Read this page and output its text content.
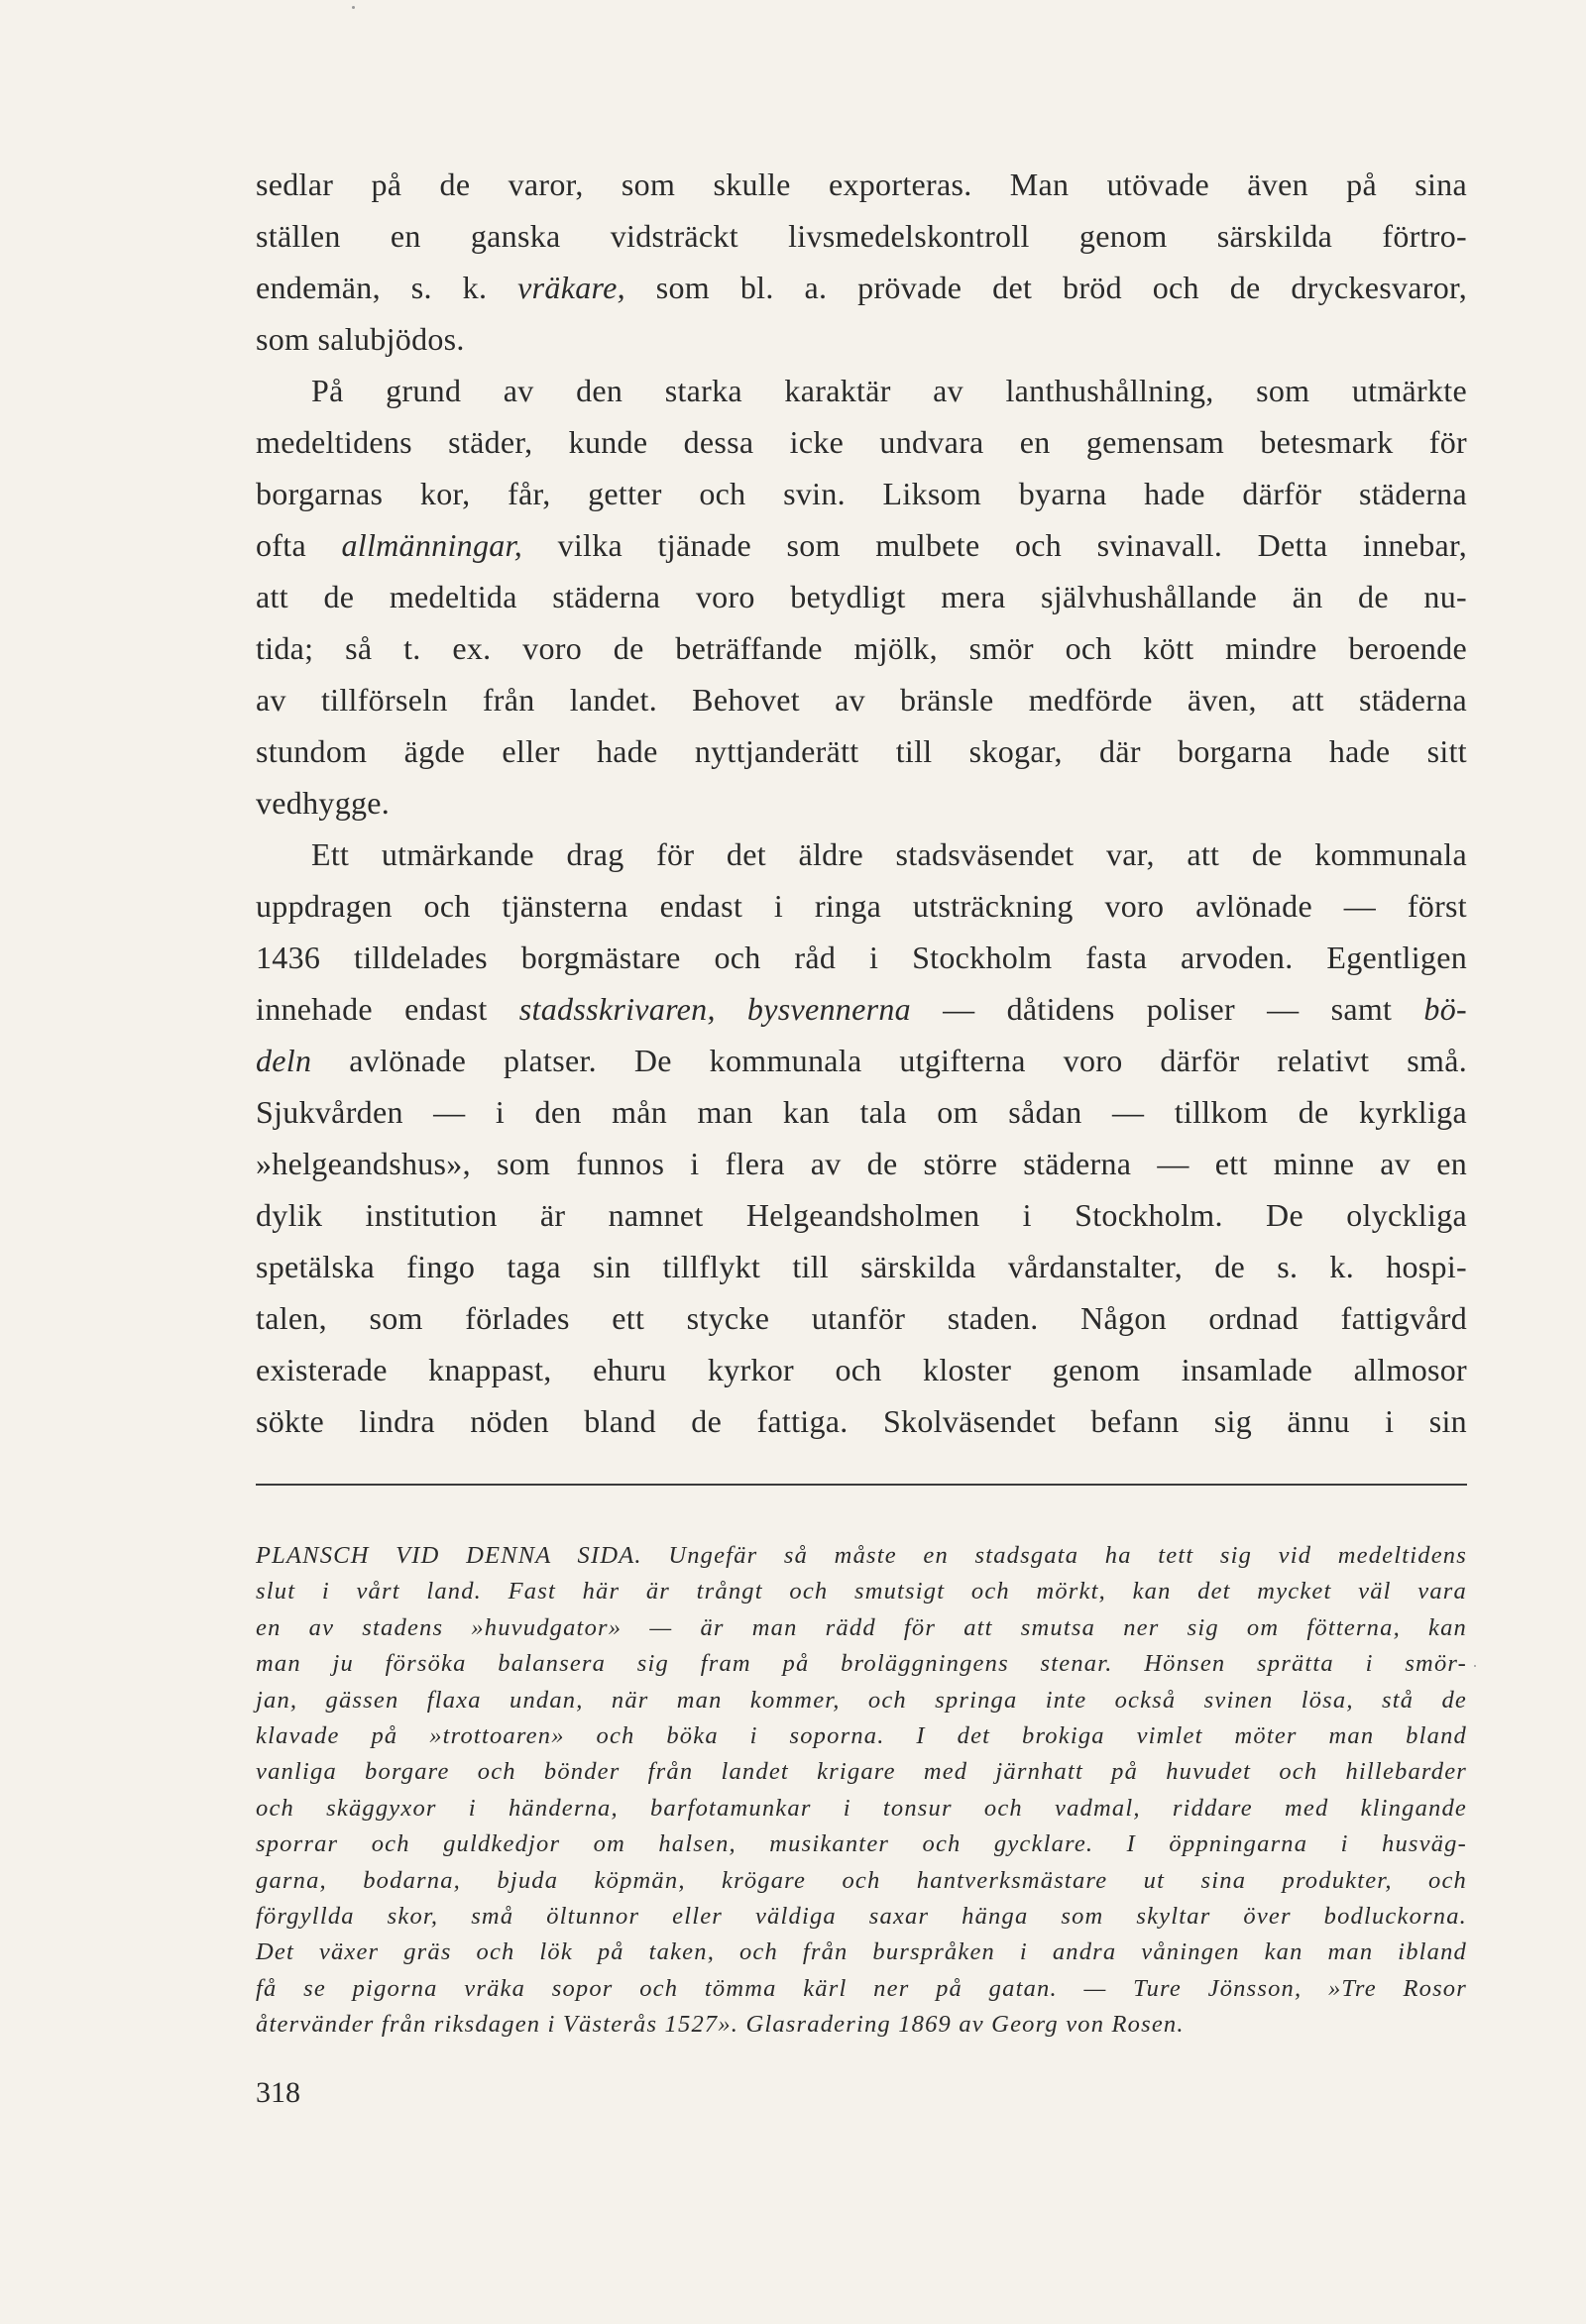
sedlar på de varor, som skulle exporteras. Man utövade även på sina
ställen en ganska vidsträckt livsmedelskontroll genom särskilda förtro-
endemän, s. k. vräkare, som bl. a. prövade det bröd och de dryckesvaror,
som salubjödos.
På grund av den starka karaktär av lanthushållning, som utmärkte
medeltidens städer, kunde dessa icke undvara en gemensam betesmark för
borgarnas kor, får, getter och svin. Liksom byarna hade därför städerna
ofta allmänningar, vilka tjänade som mulbete och svinavall. Detta innebar,
att de medeltida städerna voro betydligt mera självhushållande än de nu-
tida; så t. ex. voro de beträffande mjölk, smör och kött mindre beroende
av tillförseln från landet. Behovet av bränsle medförde även, att städerna
stundom ägde eller hade nyttjanderätt till skogar, där borgarna hade sitt
vedhygge.
Ett utmärkande drag för det äldre stadsväsendet var, att de kommunala
uppdragen och tjänsterna endast i ringa utsträckning voro avlönade — först
1436 tilldelades borgmästare och råd i Stockholm fasta arvoden. Egentligen
innehade endast stadsskrivaren, bysvennerna — dåtidens poliser — samt bö-
deln avlönade platser. De kommunala utgifterna voro därför relativt små.
Sjukvården — i den mån man kan tala om sådan — tillkom de kyrkliga
»helgeandshus», som funnos i flera av de större städerna — ett minne av en
dylik institution är namnet Helgeandsholmen i Stockholm. De olyckliga
spetälska fingo taga sin tillflykt till särskilda vårdanstalter, de s. k. hospi-
talen, som förlades ett stycke utanför staden. Någon ordnad fattigvård
existerade knappast, ehuru kyrkor och kloster genom insamlade allmosor
sökte lindra nöden bland de fattiga. Skolväsendet befann sig ännu i sin
PLANSCH VID DENNA SIDA. Ungefär så måste en stadsgata ha tett sig vid medeltidens
slut i vårt land. Fast här är trångt och smutsigt och mörkt, kan det mycket väl vara
en av stadens »huvudgator» — är man rädd för att smutsa ner sig om fötterna, kan
man ju försöka balansera sig fram på broläggningens stenar. Hönsen sprätta i smör-
jan, gässen flaxa undan, när man kommer, och springa inte också svinen lösa, stå de
klavade på »trottoaren» och böka i soporna. I det brokiga vimlet möter man bland
vanliga borgare och bönder från landet krigare med järnhatt på huvudet och hillebarder
och skäggyxor i händerna, barfotamunkar i tonsur och vadmal, riddare med klingande
sporrar och guldkedjor om halsen, musikanter och gycklare. I öppningarna i husväg-
garna, bodarna, bjuda köpmän, krögare och hantverksmästare ut sina produkter, och
förgyllda skor, små öltunnor eller väldiga saxar hänga som skyltar över bodluckorna.
Det växer gräs och lök på taken, och från burspråken i andra våningen kan man ibland
få se pigorna vräka sopor och tömma kärl ner på gatan. — Ture Jönsson, »Tre Rosor
återvänder från riksdagen i Västerås 1527». Glasradering 1869 av Georg von Rosen.
318
